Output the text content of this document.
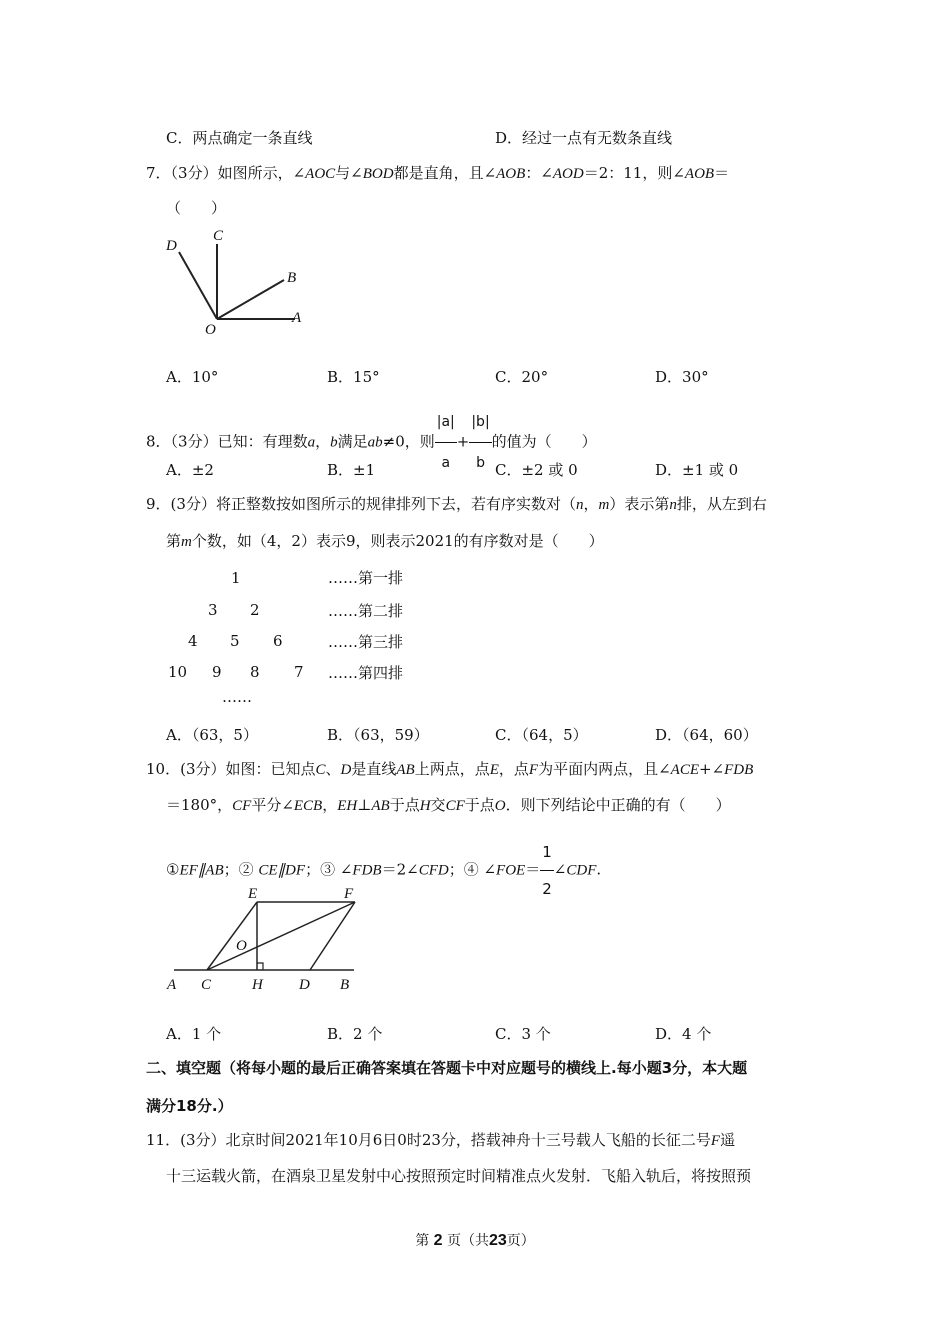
C．两点确定一条直线	D．经过一点有无数条直线
7．（3分）如图所示，∠AOC与∠BOD都是直角，且∠AOB：∠AOD＝2：11，则∠AOB＝
（　　）
D
C
B
O
A
A．10°	B．15°	C．20°	D．30°
8．（3分）已知：有理数a，b满足ab≠0，则 $\frac{|a|}{a} + \frac{|b|}{b}$ 的值为（　　）
A．±2	B．±1	C．±2 或 0	D．±1 或 0
9．(3分）将正整数按如图所示的规律排列下去，若有序实数对（n，m）表示第n排，从左到右
第m个数，如（4，2）表示9，则表示2021的有序数对是（　　）
1	……第一排
3 2	……第二排
4 5 6	……第三排
10 9 8 7 ……第四排
……
A．（63，5）	B．（63，59）	C．（64，5）	D．（64，60）
10．(3分）如图：已知点C、D是直线AB上两点，点E，点F为平面内两点，且∠ACE+∠FDB
＝180°，CF平分∠ECB，EH⊥AB于点H交CF于点O．则下列结论中正确的有（　　）
①EF∥AB；② CE∥DF；③ ∠FDB＝2∠CFD；④ ∠FOE＝ $\frac{1}{2}$ ∠CDF.
E	F
O
A C	H D B
A．1 个	B．2 个	C．3 个	D．4 个
二、填空题（将每小题的最后正确答案填在答题卡中对应题号的横线上.每小题3分，本大题
满分18分.）
11．(3分）北京时间2021年10月6日0时23分，搭载神舟十三号载人飞船的长征二号F遥
十三运载火箭，在酒泉卫星发射中心按照预定时间精准点火发射．飞船入轨后，将按照预
第 2 页（共23页）
